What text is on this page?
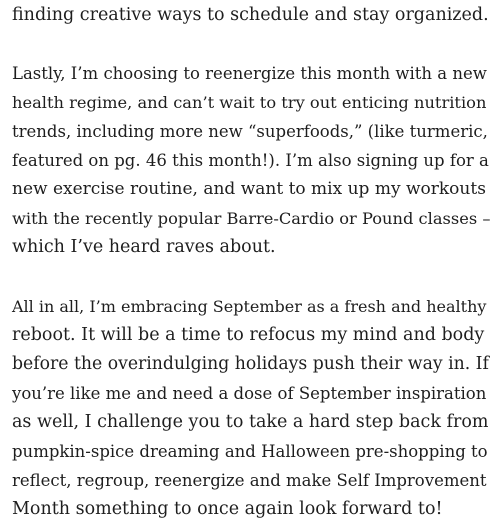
finding creative ways to schedule and stay organized.
Lastly, I’m choosing to reenergize this month with a new
health regime, and can’t wait to try out enticing nutrition
trends, including more new “superfoods,” (like turmeric,
featured on pg. 46 this month!). I’m also signing up for a
new exercise routine, and want to mix up my workouts
with the recently popular Barre-Cardio or Pound classes –
which I’ve heard raves about.
All in all, I’m embracing September as a fresh and healthy
reboot. It will be a time to refocus my mind and body
before the overindulging holidays push their way in. If
you’re like me and need a dose of September inspiration
as well, I challenge you to take a hard step back from
pumpkin-spice dreaming and Halloween pre-shopping to
reflect, regroup, reenergize and make Self Improvement
Month something to once again look forward to!
